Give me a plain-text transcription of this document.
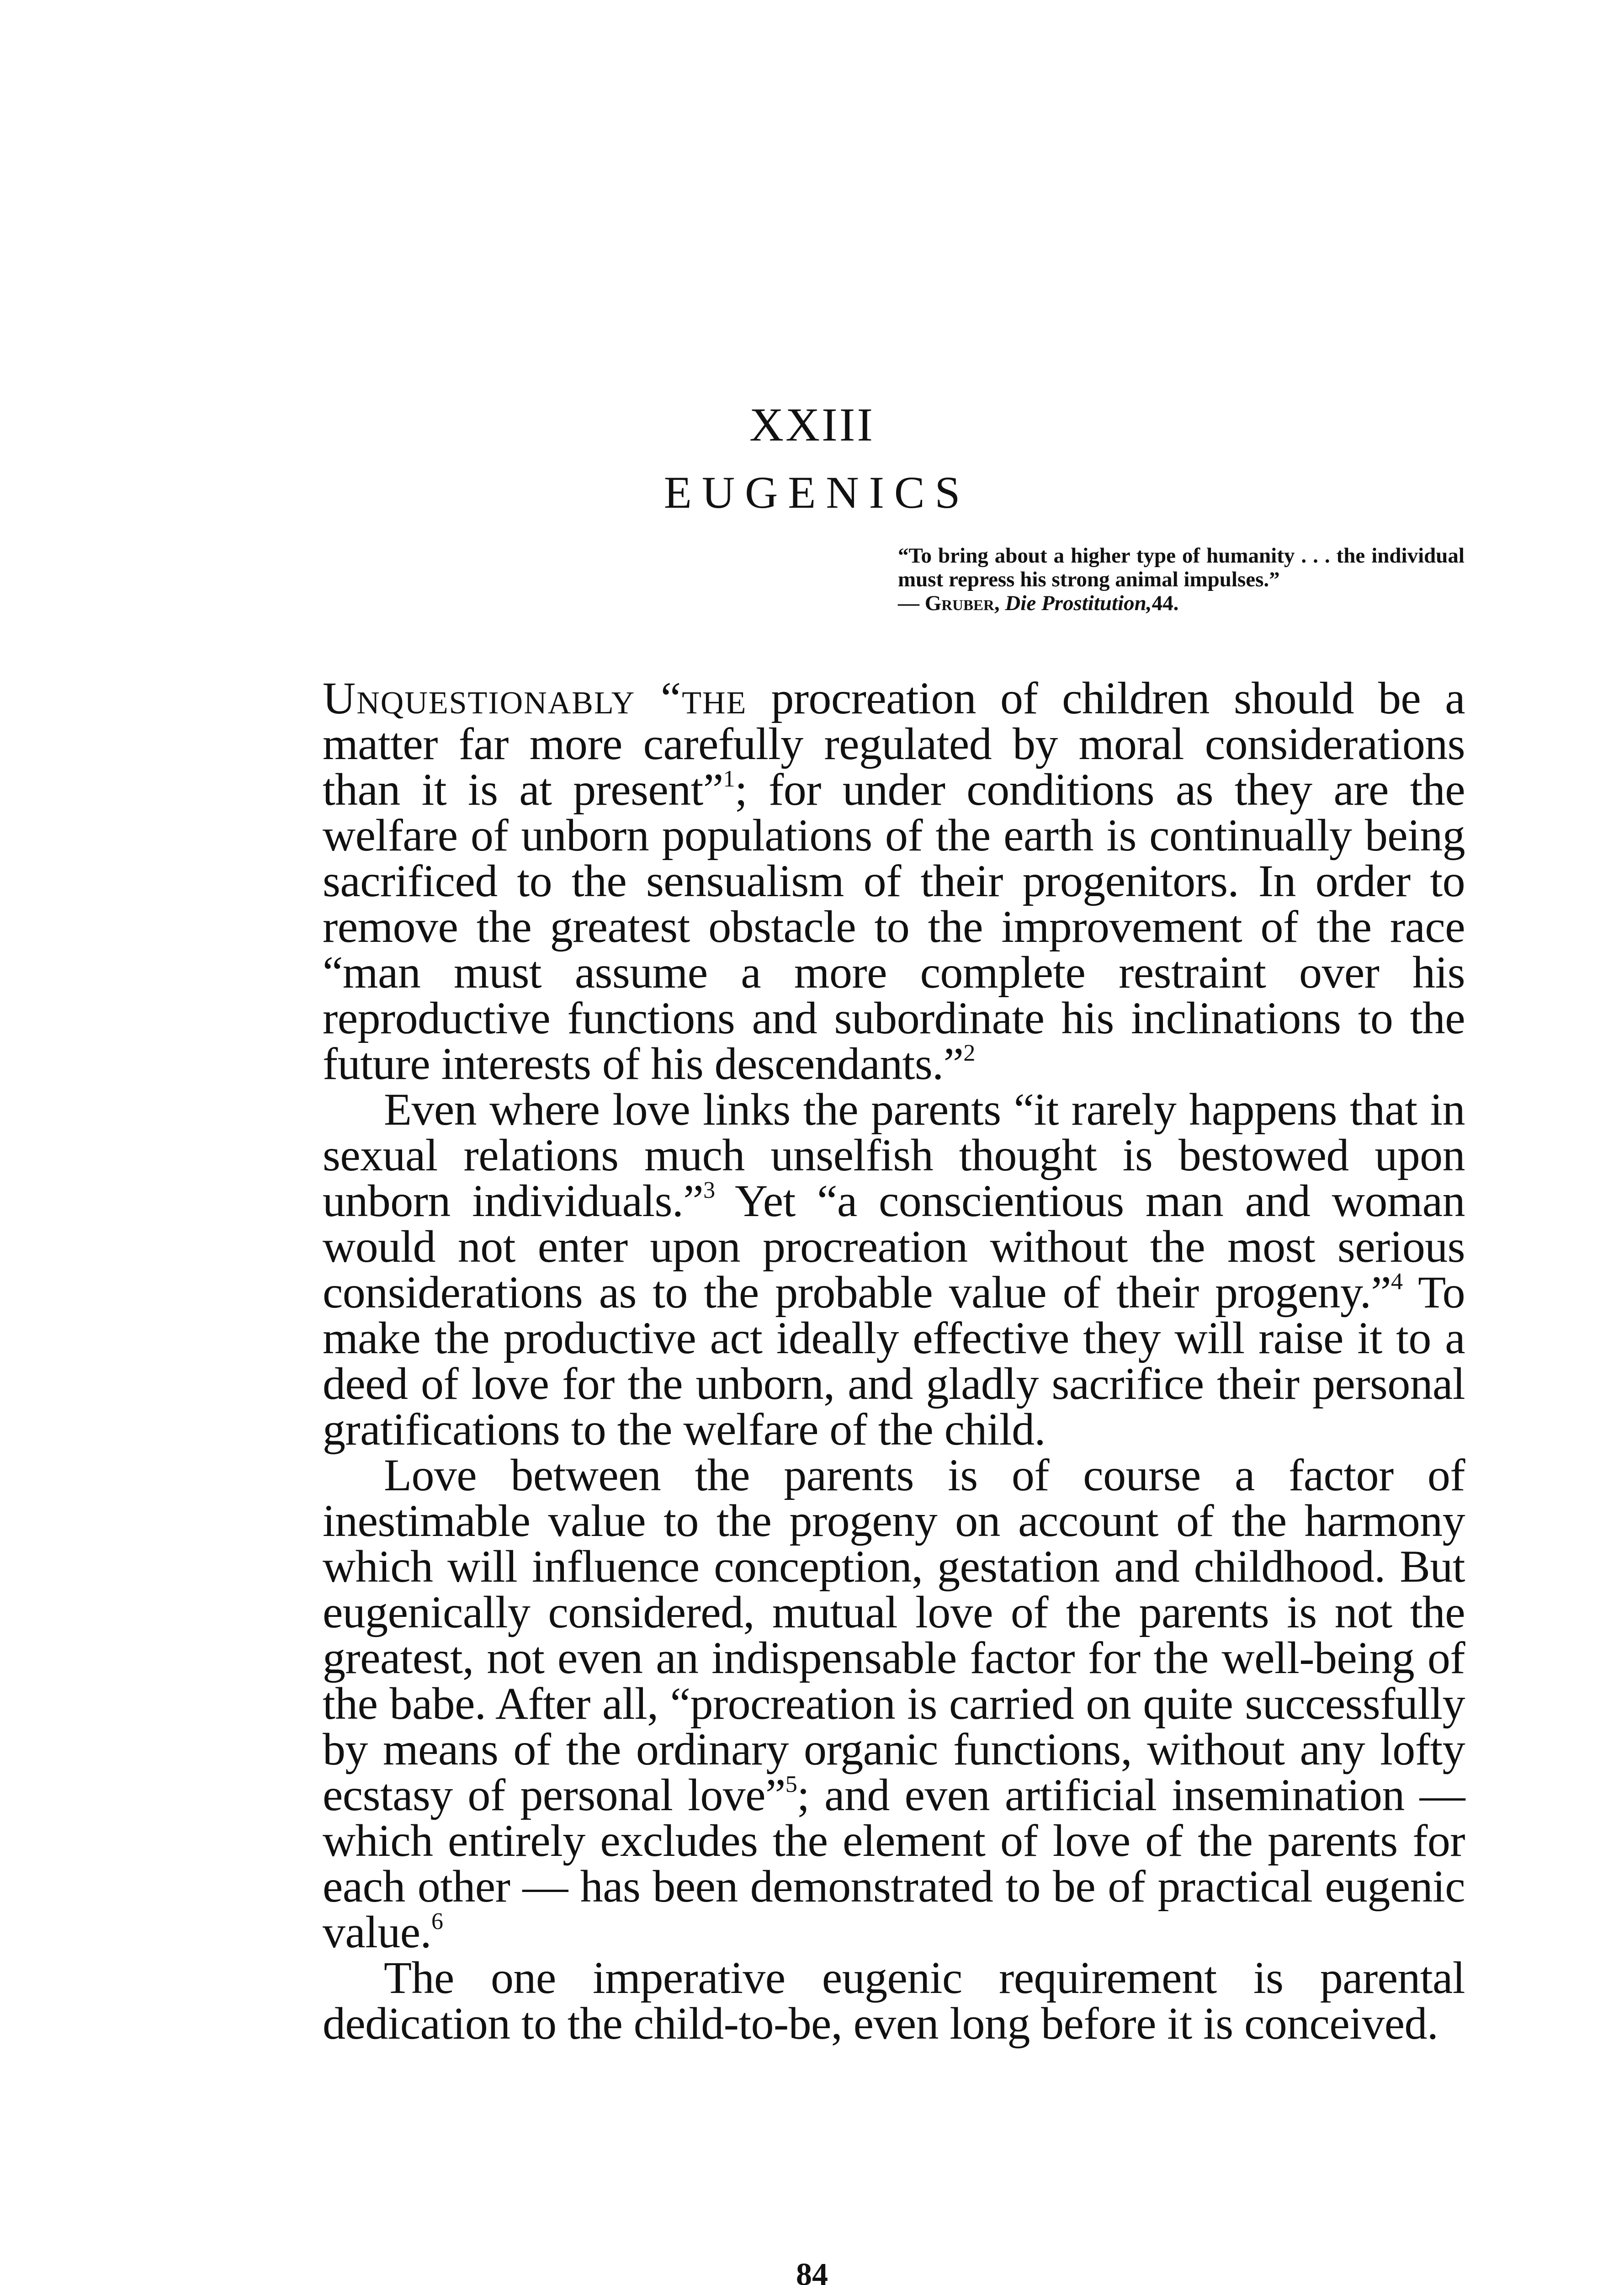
XXIII
EUGENICS
“To bring about a higher type of humanity . . . the individual must repress his strong animal impulses.”
— Gruber, Die Prostitution,44.

Unquestionably “the procreation of children should be a matter far more carefully regulated by moral considerations than it is at present”$^1$; for under conditions as they are the welfare of unborn populations of the earth is continually being sacrificed to the sensualism of their progenitors. In order to remove the greatest obstacle to the improvement of the race “man must assume a more complete restraint over his reproductive functions and subordinate his inclinations to the future interests of his descendants.”$^2$

Even where love links the parents “it rarely happens that in sexual relations much unselfish thought is bestowed upon unborn individuals.”$^3$ Yet “a conscientious man and woman would not enter upon procreation without the most serious considerations as to the probable value of their progeny.”$^4$ To make the productive act ideally effective they will raise it to a deed of love for the unborn, and gladly sacrifice their personal gratifications to the welfare of the child.

Love between the parents is of course a factor of inestimable value to the progeny on account of the harmony which will influence conception, gestation and childhood. But eugenically considered, mutual love of the parents is not the greatest, not even an indispensable factor for the well-being of the babe. After all, “procreation is carried on quite successfully by means of the ordinary organic functions, without any lofty ecstasy of personal love”$^5$; and even artificial insemination — which entirely excludes the element of love of the parents for each other — has been demonstrated to be of practical eugenic value.$^6$

The one imperative eugenic requirement is parental dedication to the child-to-be, even long before it is conceived.

84
